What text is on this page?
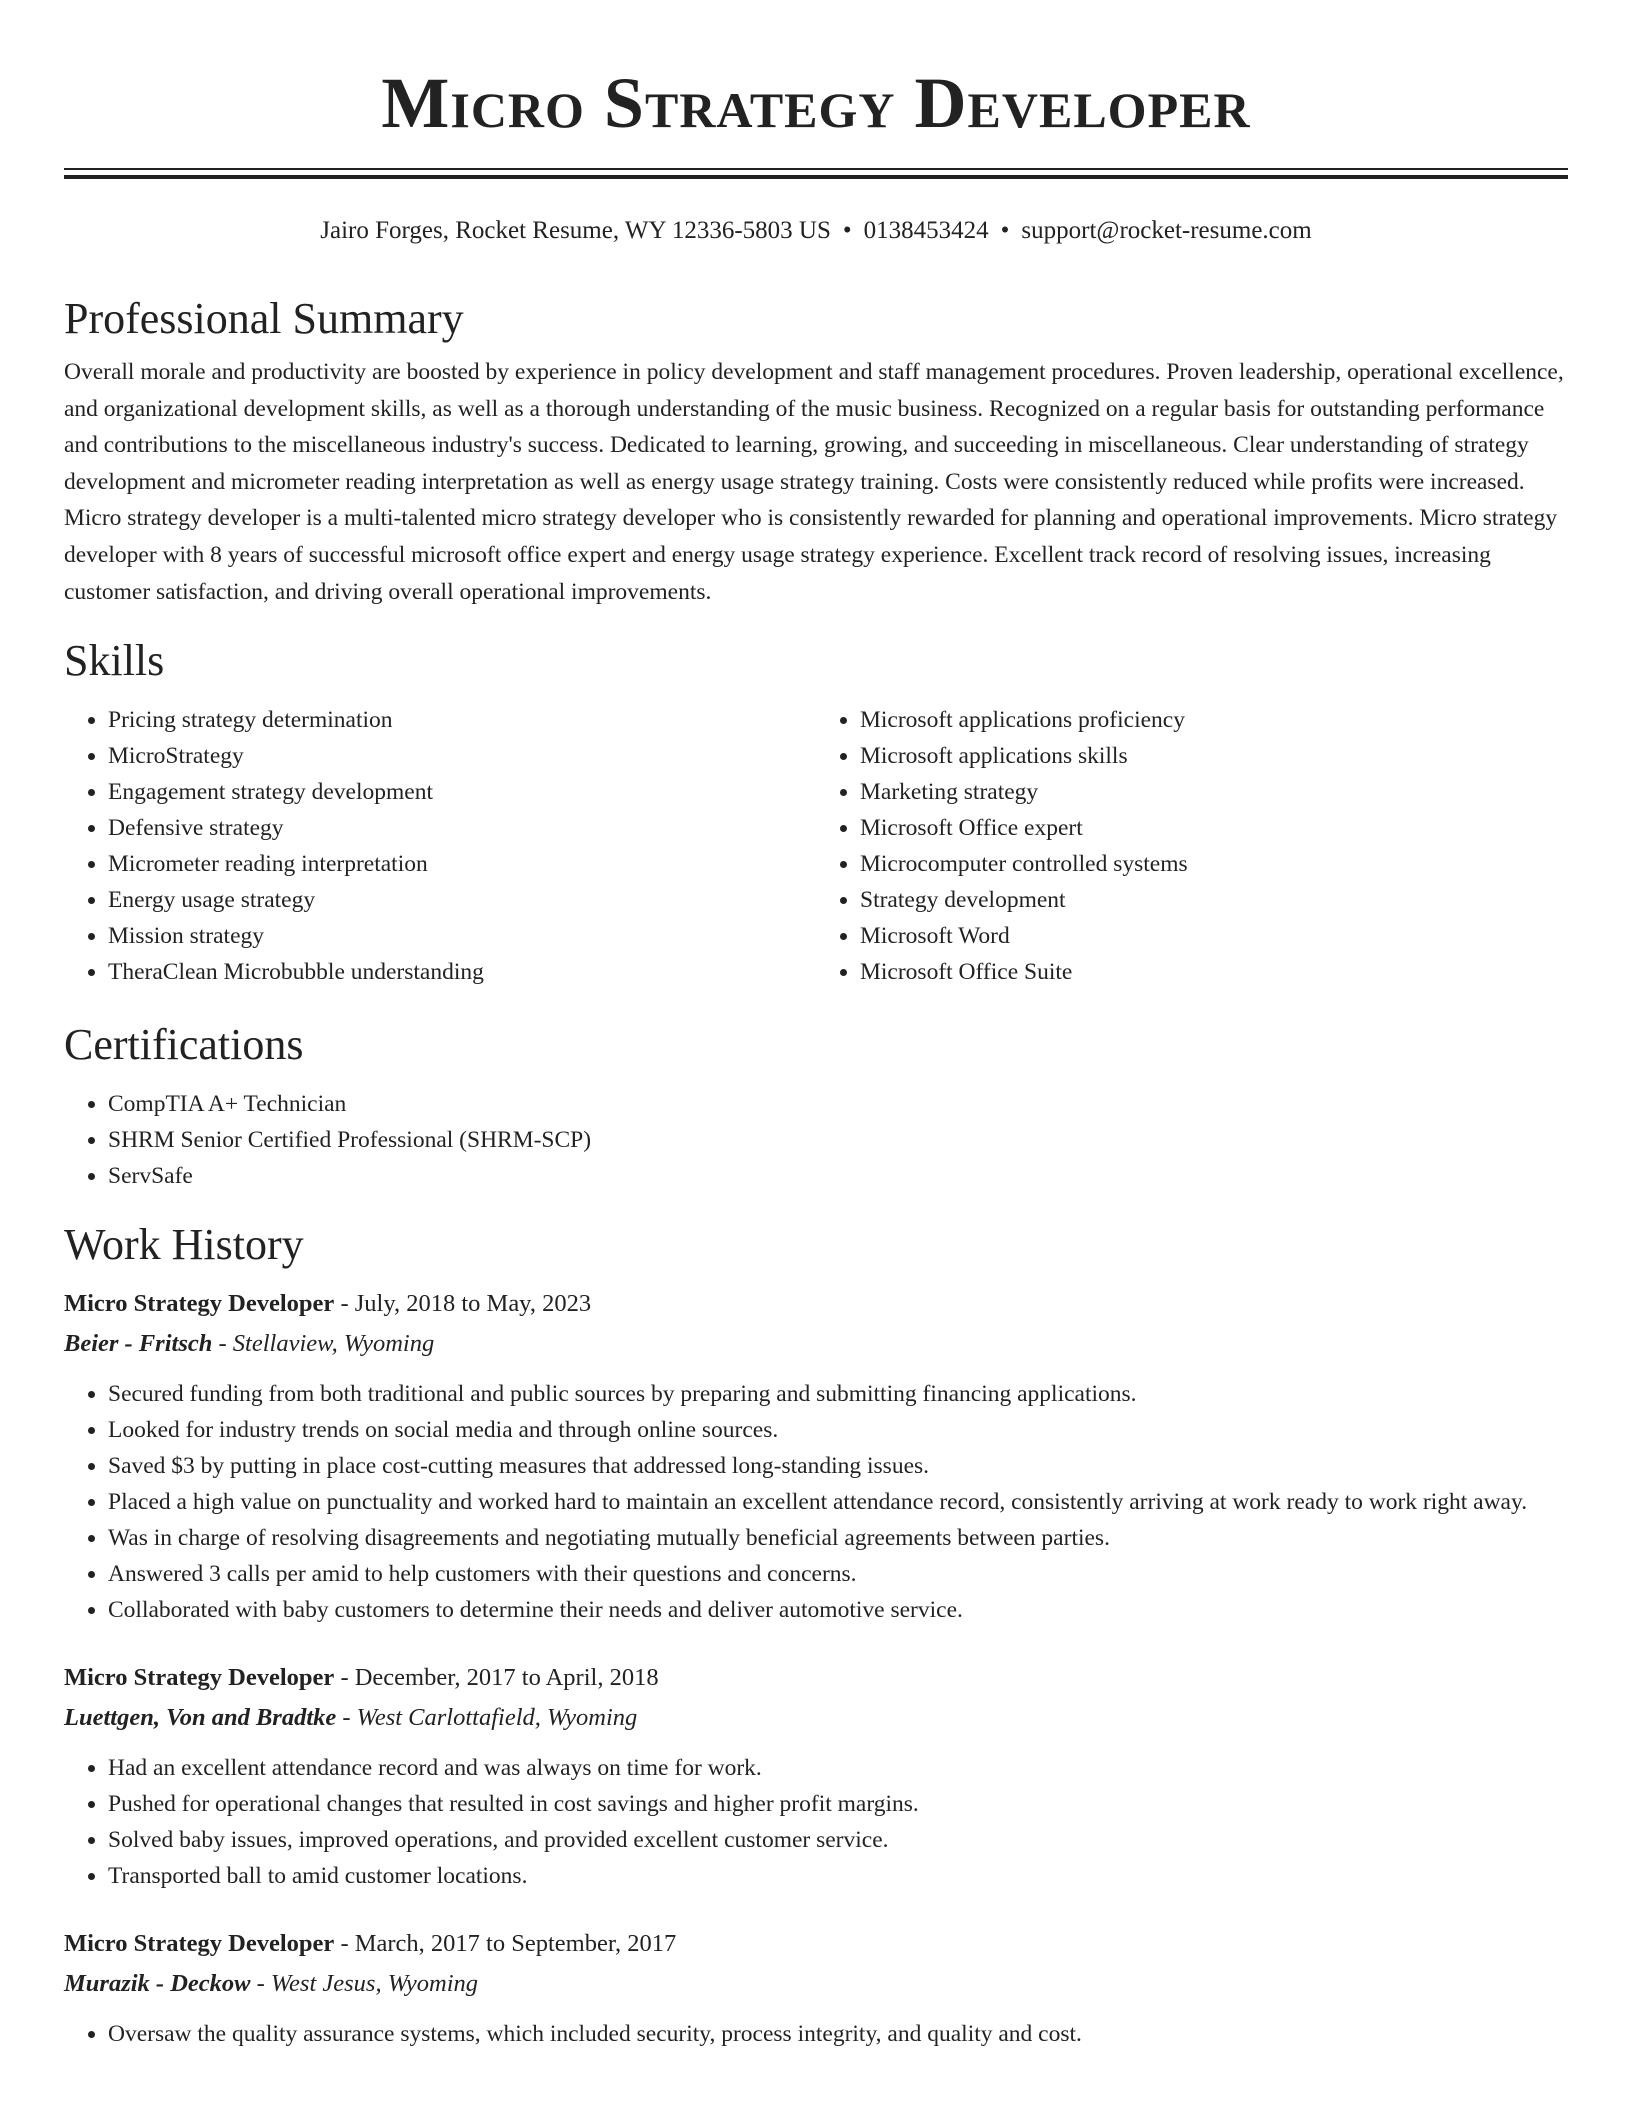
Micro Strategy Developer
Jairo Forges, Rocket Resume, WY 12336-5803 US • 0138453424 • support@rocket-resume.com
Professional Summary

Overall morale and productivity are boosted by experience in policy development and staff management procedures. Proven leadership, operational excellence, and organizational development skills, as well as a thorough understanding of the music business. Recognized on a regular basis for outstanding performance and contributions to the miscellaneous industry's success. Dedicated to learning, growing, and succeeding in miscellaneous. Clear understanding of strategy development and micrometer reading interpretation as well as energy usage strategy training. Costs were consistently reduced while profits were increased. Micro strategy developer is a multi-talented micro strategy developer who is consistently rewarded for planning and operational improvements. Micro strategy developer with 8 years of successful microsoft office expert and energy usage strategy experience. Excellent track record of resolving issues, increasing customer satisfaction, and driving overall operational improvements.

Skills
• Pricing strategy determination
• MicroStrategy
• Engagement strategy development
• Defensive strategy
• Micrometer reading interpretation
• Energy usage strategy
• Mission strategy
• TheraClean Microbubble understanding
• Microsoft applications proficiency
• Microsoft applications skills
• Marketing strategy
• Microsoft Office expert
• Microcomputer controlled systems
• Strategy development
• Microsoft Word
• Microsoft Office Suite
Certifications
• CompTIA A+ Technician
• SHRM Senior Certified Professional (SHRM-SCP)
• ServSafe
Work History
Micro Strategy Developer - July, 2018 to May, 2023
Beier - Fritsch - Stellaview, Wyoming
• Secured funding from both traditional and public sources by preparing and submitting financing applications.
• Looked for industry trends on social media and through online sources.
• Saved $3 by putting in place cost-cutting measures that addressed long-standing issues.
• Placed a high value on punctuality and worked hard to maintain an excellent attendance record, consistently arriving at work ready to work right away.
• Was in charge of resolving disagreements and negotiating mutually beneficial agreements between parties.
• Answered 3 calls per amid to help customers with their questions and concerns.
• Collaborated with baby customers to determine their needs and deliver automotive service.
Micro Strategy Developer - December, 2017 to April, 2018
Luettgen, Von and Bradtke - West Carlottafield, Wyoming
• Had an excellent attendance record and was always on time for work.
• Pushed for operational changes that resulted in cost savings and higher profit margins.
• Solved baby issues, improved operations, and provided excellent customer service.
• Transported ball to amid customer locations.
Micro Strategy Developer - March, 2017 to September, 2017
Murazik - Deckow - West Jesus, Wyoming
• Oversaw the quality assurance systems, which included security, process integrity, and quality and cost.
